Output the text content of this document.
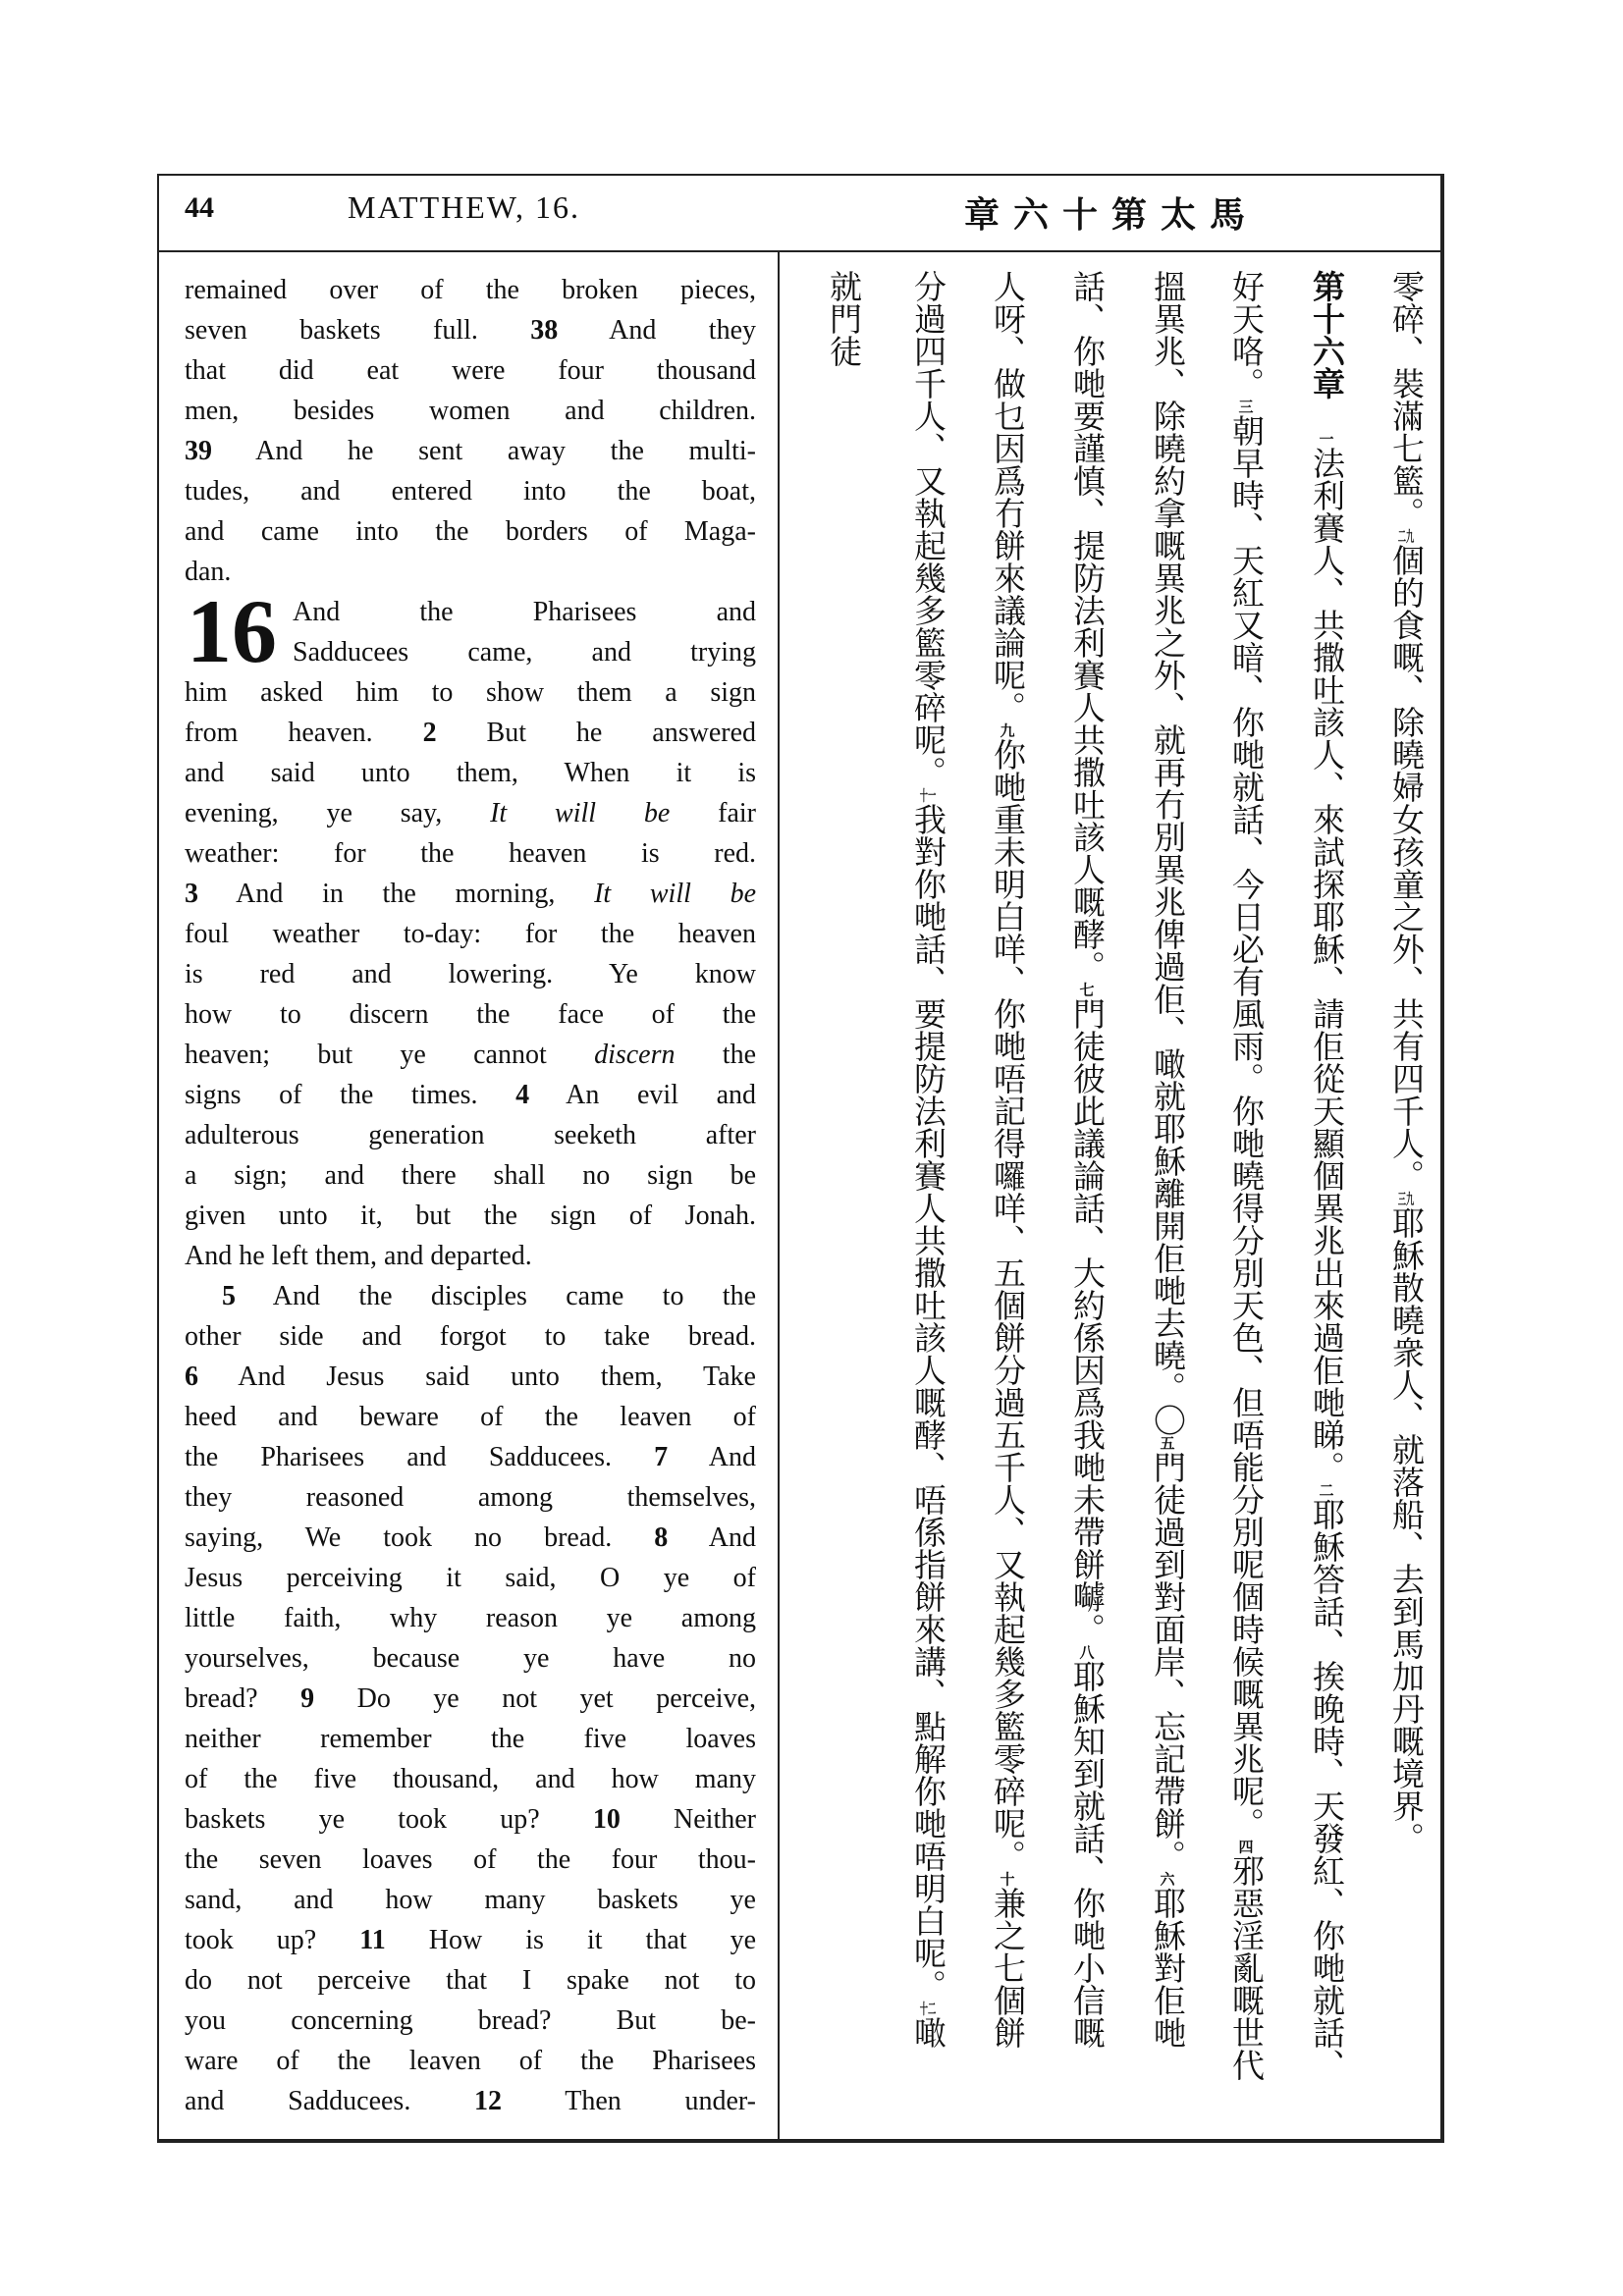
44	MATTHEW, 16.	馬太第十六章
16
remained over of the broken pieces,
seven baskets full. 38 And they
that did eat were four thousand
men, besides women and children.
39 And he sent away the multi-
tudes, and entered into the boat,
and came into the borders of Maga-
dan.
And the Pharisees and
Sadducees came, and trying
him asked him to show them a sign
from heaven. 2 But he answered
and said unto them, When it is
evening, ye say, It will be fair
weather: for the heaven is red.
3 And in the morning, It will be
foul weather to-day: for the heaven
is red and lowering. Ye know
how to discern the face of the
heaven; but ye cannot discern the
signs of the times. 4 An evil and
adulterous generation seeketh after
a sign; and there shall no sign be
given unto it, but the sign of Jonah.
And he left them, and departed.
5 And the disciples came to the
other side and forgot to take bread.
6 And Jesus said unto them, Take
heed and beware of the leaven of
the Pharisees and Sadducees. 7 And
they reasoned among themselves,
saying, We took no bread. 8 And
Jesus perceiving it said, O ye of
little faith, why reason ye among
yourselves, because ye have no
bread? 9 Do ye not yet perceive,
neither remember the five loaves
of the five thousand, and how many
baskets ye took up? 10 Neither
the seven loaves of the four thou-
sand, and how many baskets ye
took up? 11 How is it that ye
do not perceive that I spake not to
you concerning bread? But be-
ware of the leaven of the Pharisees
and Sadducees. 12 Then under-
零碎、裝滿七籃。二九個的食嘅、除曉婦女孩童之外、共有四千人。三九耶穌散曉衆人、就落船、去到馬加丹嘅境界。
第十六章　一法利賽人、共撒吐該人、來試探耶穌、請佢從天顯個異兆出來過佢哋睇。二耶穌答話、挨晚時、天發紅、你哋就話、
好天咯。三朝早時、天紅又暗、你哋就話、今日必有風雨。你哋曉得分別天色、但唔能分別呢個時候嘅異兆呢。四邪惡淫亂嘅世代
搵異兆、除曉約拿嘅異兆之外、就再冇別異兆俾過佢、噉就耶穌離開佢哋去曉。〇五門徒過到對面岸、忘記帶餅。六耶穌對佢哋
話、你哋要謹慎、提防法利賽人共撒吐該人嘅酵。七門徒彼此議論話、大約係因爲我哋未帶餅嚹。八耶穌知到就話、你哋小信嘅
人呀、做乜因爲冇餅來議論呢。九你哋重未明白咩、你哋唔記得囉咩、五個餅分過五千人、又執起幾多籃零碎呢。十兼之七個餅
分過四千人、又執起幾多籃零碎呢。十一我對你哋話、要提防法利賽人共撒吐該人嘅酵、唔係指餅來講、點解你哋唔明白呢。十二噉
就門徒
